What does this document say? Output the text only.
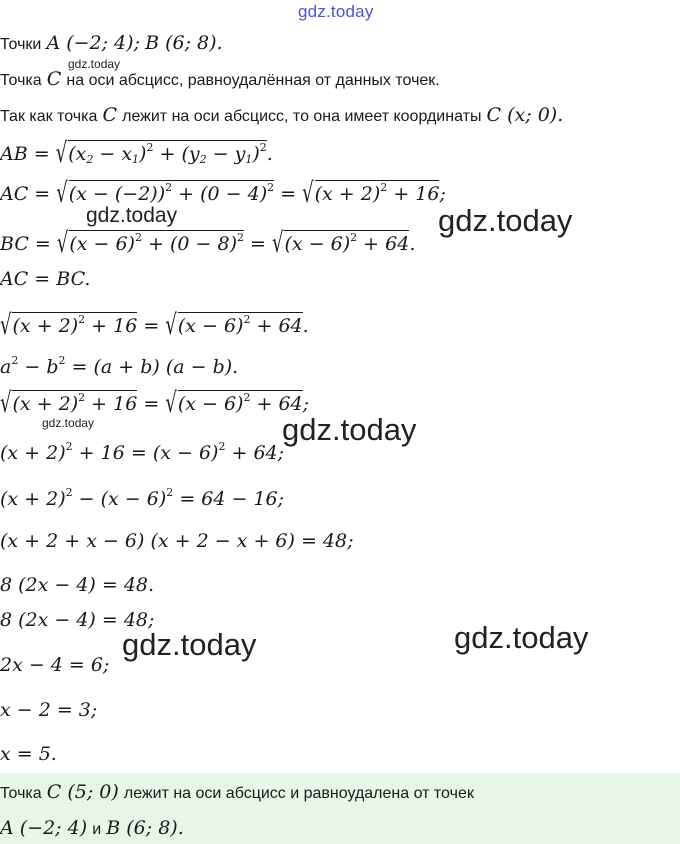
gdz.today
Точки A (−2; 4); B (6; 8).
Точка C на оси абсцисс, равноудалённая от данных точек.
gdz.today
Так как точка C лежит на оси абсцисс, то она имеет координаты C (x; 0).
AB = $√(x_2 - x_1)^2 + (y_2 - y_1)^2$.
AC = $√(x - (-2))^2 + (0 - 4)^2 = √(x + 2)^2 + 16$;
gdz.today	gdz.today
BC = $√(x - 6)^2 + (0 - 8)^2 = √(x - 6)^2 + 64$.
AC = BC.
$√(x + 2)^2 + 16 = √(x - 6)^2 + 64$.
$a^2 - b^2 = (a + b) (a - b)$.
$√(x + 2)^2 + 16 = √(x - 6)^2 + 64$;
gdz.today	gdz.today
$(x + 2)^2 + 16 = (x - 6)^2 + 64$;
$(x + 2)^2 - (x - 6)^2 = 64 - 16$;
(x + 2 + x − 6) (x + 2 − x + 6) = 48;
8 (2x − 4) = 48.
8 (2x − 4) = 48;
gdz.today	gdz.today
2x − 4 = 6;
x − 2 = 3;
x = 5.
Точка C (5; 0) лежит на оси абсцисс и равноудалена от точек
A (−2; 4) и B (6; 8).
